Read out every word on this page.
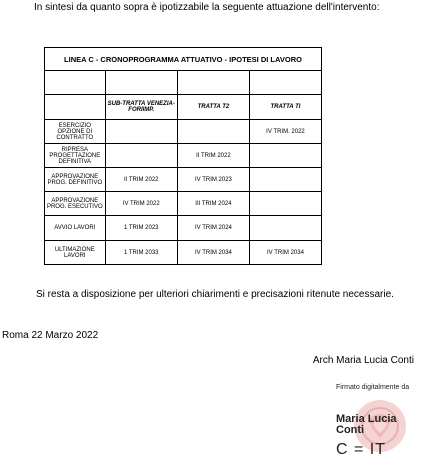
In sintesi da quanto sopra è ipotizzabile la seguente attuazione dell'intervento:
LINEA C - CRONOPROGRAMMA ATTUATIVO - IPOTESI DI LAVORO			

	SUB-TRATTA VENEZIA-FORIIMP.	TRATTA T2	TRATTA TI
ESERCIZIO OPZIONE DI CONTRATTO			IV TRIM. 2022
RIPRESA PROGETTAZIONE DEFINITIVA		II TRIM 2022	
APPROVAZIONE PROG. DEFINITIVO	II TRIM 2022	IV TRIM 2023	
APPROVAZIONE PROG. ESECUTIVO	IV TRIM 2022	III TRIM 2024	
AVVIO LAVORI	1 TRIM 2023	IV TRIM 2024	
ULTIMAZIONE LAVORI	1 TRIM 2033	IV TRIM 2034	IV TRIM 2034
Si resta a disposizione per ulteriori chiarimenti e precisazioni ritenute necessarie.
Roma 22 Marzo 2022
Arch Maria Lucia Conti
Firmato digitalmente da
Maria Lucia Conti
C = IT
